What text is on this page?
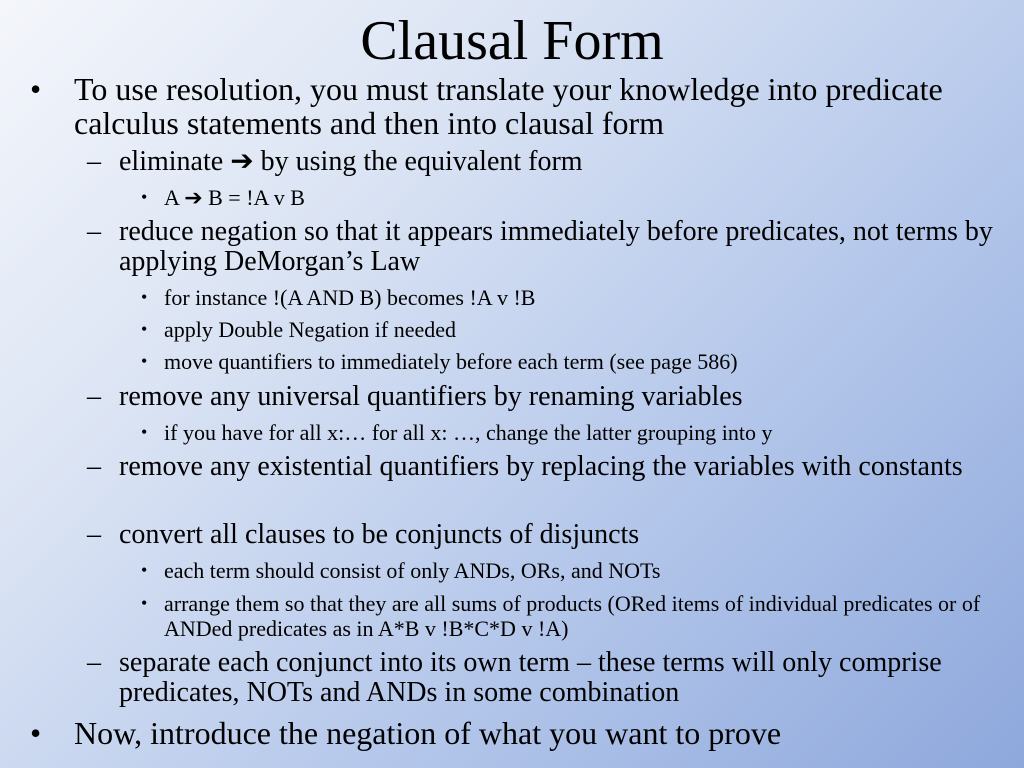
Clausal Form
• To use resolution, you must translate your knowledge into predicate calculus statements and then into clausal form
– eliminate ➔ by using the equivalent form
• A ➔ B = !A v B
– reduce negation so that it appears immediately before predicates, not terms by applying DeMorgan’s Law
• for instance !(A AND B) becomes !A v !B
• apply Double Negation if needed
• move quantifiers to immediately before each term (see page 586)
– remove any universal quantifiers by renaming variables
• if you have for all x:… for all x: …, change the latter grouping into y
– remove any existential quantifiers by replacing the variables with constants
– convert all clauses to be conjuncts of disjuncts
• each term should consist of only ANDs, ORs, and NOTs
• arrange them so that they are all sums of products (ORed items of individual predicates or of ANDed predicates as in A*B v !B*C*D v !A)
– separate each conjunct into its own term – these terms will only comprise predicates, NOTs and ANDs in some combination
• Now, introduce the negation of what you want to prove
